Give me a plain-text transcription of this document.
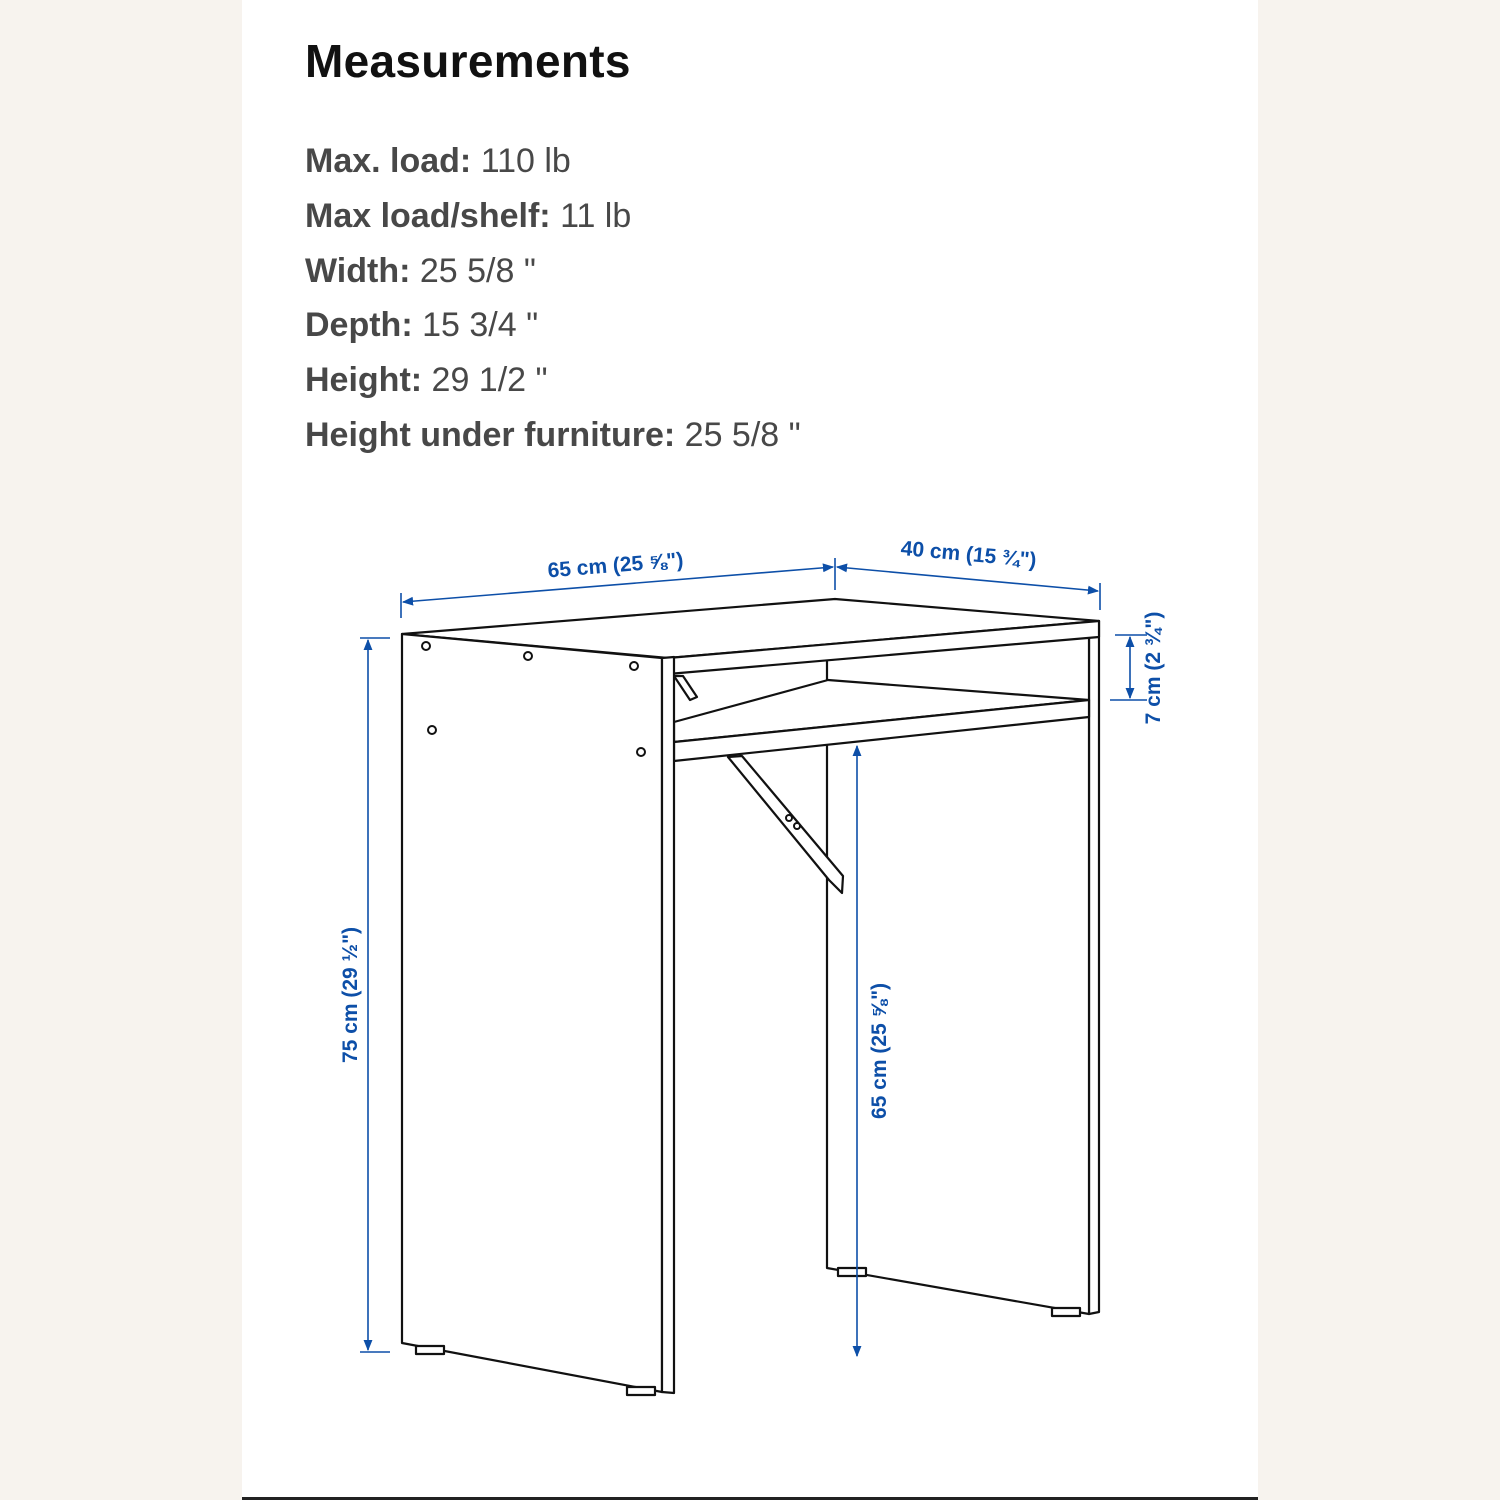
Measurements
Max. load: 110 lb
Max load/shelf: 11 lb
Width: 25 5/8 "
Depth: 15 3/4 "
Height: 29 1/2 "
Height under furniture: 25 5/8 "
65 cm (25 ⅝")	40 cm (15 ¾")
7 cm (2 ¾")
75 cm (29 ½")	65 cm (25 ⅝")
